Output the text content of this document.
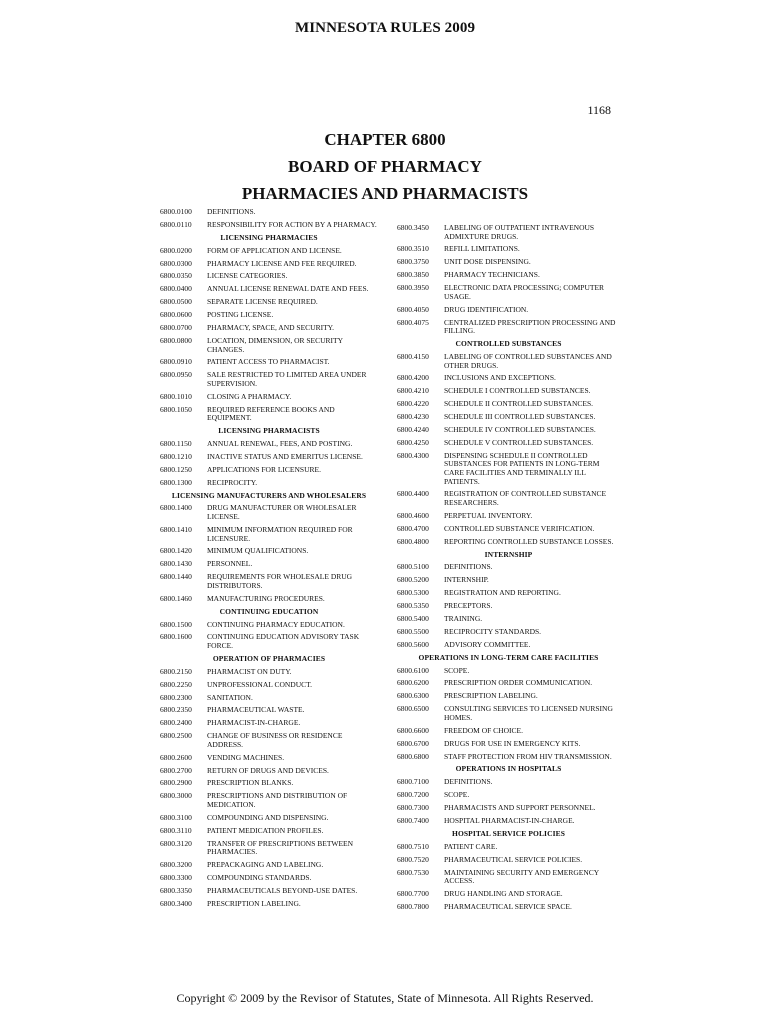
MINNESOTA RULES 2009
1168
CHAPTER 6800
BOARD OF PHARMACY
PHARMACIES AND PHARMACISTS
6800.0100	DEFINITIONS.
6800.0110	RESPONSIBILITY FOR ACTION BY A PHARMACY.
LICENSING PHARMACIES
6800.0200	FORM OF APPLICATION AND LICENSE.
6800.0300	PHARMACY LICENSE AND FEE REQUIRED.
6800.0350	LICENSE CATEGORIES.
6800.0400	ANNUAL LICENSE RENEWAL DATE AND FEES.
6800.0500	SEPARATE LICENSE REQUIRED.
6800.0600	POSTING LICENSE.
6800.0700	PHARMACY, SPACE, AND SECURITY.
6800.0800	LOCATION, DIMENSION, OR SECURITY CHANGES.
6800.0910	PATIENT ACCESS TO PHARMACIST.
6800.0950	SALE RESTRICTED TO LIMITED AREA UNDER SUPERVISION.
6800.1010	CLOSING A PHARMACY.
6800.1050	REQUIRED REFERENCE BOOKS AND EQUIPMENT.
LICENSING PHARMACISTS
6800.1150	ANNUAL RENEWAL, FEES, AND POSTING.
6800.1210	INACTIVE STATUS AND EMERITUS LICENSE.
6800.1250	APPLICATIONS FOR LICENSURE.
6800.1300	RECIPROCITY.
LICENSING MANUFACTURERS AND WHOLESALERS
6800.1400	DRUG MANUFACTURER OR WHOLESALER LICENSE.
6800.1410	MINIMUM INFORMATION REQUIRED FOR LICENSURE.
6800.1420	MINIMUM QUALIFICATIONS.
6800.1430	PERSONNEL.
6800.1440	REQUIREMENTS FOR WHOLESALE DRUG DISTRIBUTORS.
6800.1460	MANUFACTURING PROCEDURES.
CONTINUING EDUCATION
6800.1500	CONTINUING PHARMACY EDUCATION.
6800.1600	CONTINUING EDUCATION ADVISORY TASK FORCE.
OPERATION OF PHARMACIES
6800.2150	PHARMACIST ON DUTY.
6800.2250	UNPROFESSIONAL CONDUCT.
6800.2300	SANITATION.
6800.2350	PHARMACEUTICAL WASTE.
6800.2400	PHARMACIST-IN-CHARGE.
6800.2500	CHANGE OF BUSINESS OR RESIDENCE ADDRESS.
6800.2600	VENDING MACHINES.
6800.2700	RETURN OF DRUGS AND DEVICES.
6800.2900	PRESCRIPTION BLANKS.
6800.3000	PRESCRIPTIONS AND DISTRIBUTION OF MEDICATION.
6800.3100	COMPOUNDING AND DISPENSING.
6800.3110	PATIENT MEDICATION PROFILES.
6800.3120	TRANSFER OF PRESCRIPTIONS BETWEEN PHARMACIES.
6800.3200	PREPACKAGING AND LABELING.
6800.3300	COMPOUNDING STANDARDS.
6800.3350	PHARMACEUTICALS BEYOND-USE DATES.
6800.3400	PRESCRIPTION LABELING.
6800.3450	LABELING OF OUTPATIENT INTRAVENOUS ADMIXTURE DRUGS.
6800.3510	REFILL LIMITATIONS.
6800.3750	UNIT DOSE DISPENSING.
6800.3850	PHARMACY TECHNICIANS.
6800.3950	ELECTRONIC DATA PROCESSING; COMPUTER USAGE.
6800.4050	DRUG IDENTIFICATION.
6800.4075	CENTRALIZED PRESCRIPTION PROCESSING AND FILLING.
CONTROLLED SUBSTANCES
6800.4150	LABELING OF CONTROLLED SUBSTANCES AND OTHER DRUGS.
6800.4200	INCLUSIONS AND EXCEPTIONS.
6800.4210	SCHEDULE I CONTROLLED SUBSTANCES.
6800.4220	SCHEDULE II CONTROLLED SUBSTANCES.
6800.4230	SCHEDULE III CONTROLLED SUBSTANCES.
6800.4240	SCHEDULE IV CONTROLLED SUBSTANCES.
6800.4250	SCHEDULE V CONTROLLED SUBSTANCES.
6800.4300	DISPENSING SCHEDULE II CONTROLLED SUBSTANCES FOR PATIENTS IN LONG-TERM CARE FACILITIES AND TERMINALLY ILL PATIENTS.
6800.4400	REGISTRATION OF CONTROLLED SUBSTANCE RESEARCHERS.
6800.4600	PERPETUAL INVENTORY.
6800.4700	CONTROLLED SUBSTANCE VERIFICATION.
6800.4800	REPORTING CONTROLLED SUBSTANCE LOSSES.
INTERNSHIP
6800.5100	DEFINITIONS.
6800.5200	INTERNSHIP.
6800.5300	REGISTRATION AND REPORTING.
6800.5350	PRECEPTORS.
6800.5400	TRAINING.
6800.5500	RECIPROCITY STANDARDS.
6800.5600	ADVISORY COMMITTEE.
OPERATIONS IN LONG-TERM CARE FACILITIES
6800.6100	SCOPE.
6800.6200	PRESCRIPTION ORDER COMMUNICATION.
6800.6300	PRESCRIPTION LABELING.
6800.6500	CONSULTING SERVICES TO LICENSED NURSING HOMES.
6800.6600	FREEDOM OF CHOICE.
6800.6700	DRUGS FOR USE IN EMERGENCY KITS.
6800.6800	STAFF PROTECTION FROM HIV TRANSMISSION.
OPERATIONS IN HOSPITALS
6800.7100	DEFINITIONS.
6800.7200	SCOPE.
6800.7300	PHARMACISTS AND SUPPORT PERSONNEL.
6800.7400	HOSPITAL PHARMACIST-IN-CHARGE.
HOSPITAL SERVICE POLICIES
6800.7510	PATIENT CARE.
6800.7520	PHARMACEUTICAL SERVICE POLICIES.
6800.7530	MAINTAINING SECURITY AND EMERGENCY ACCESS.
6800.7700	DRUG HANDLING AND STORAGE.
6800.7800	PHARMACEUTICAL SERVICE SPACE.
Copyright © 2009 by the Revisor of Statutes, State of Minnesota. All Rights Reserved.
